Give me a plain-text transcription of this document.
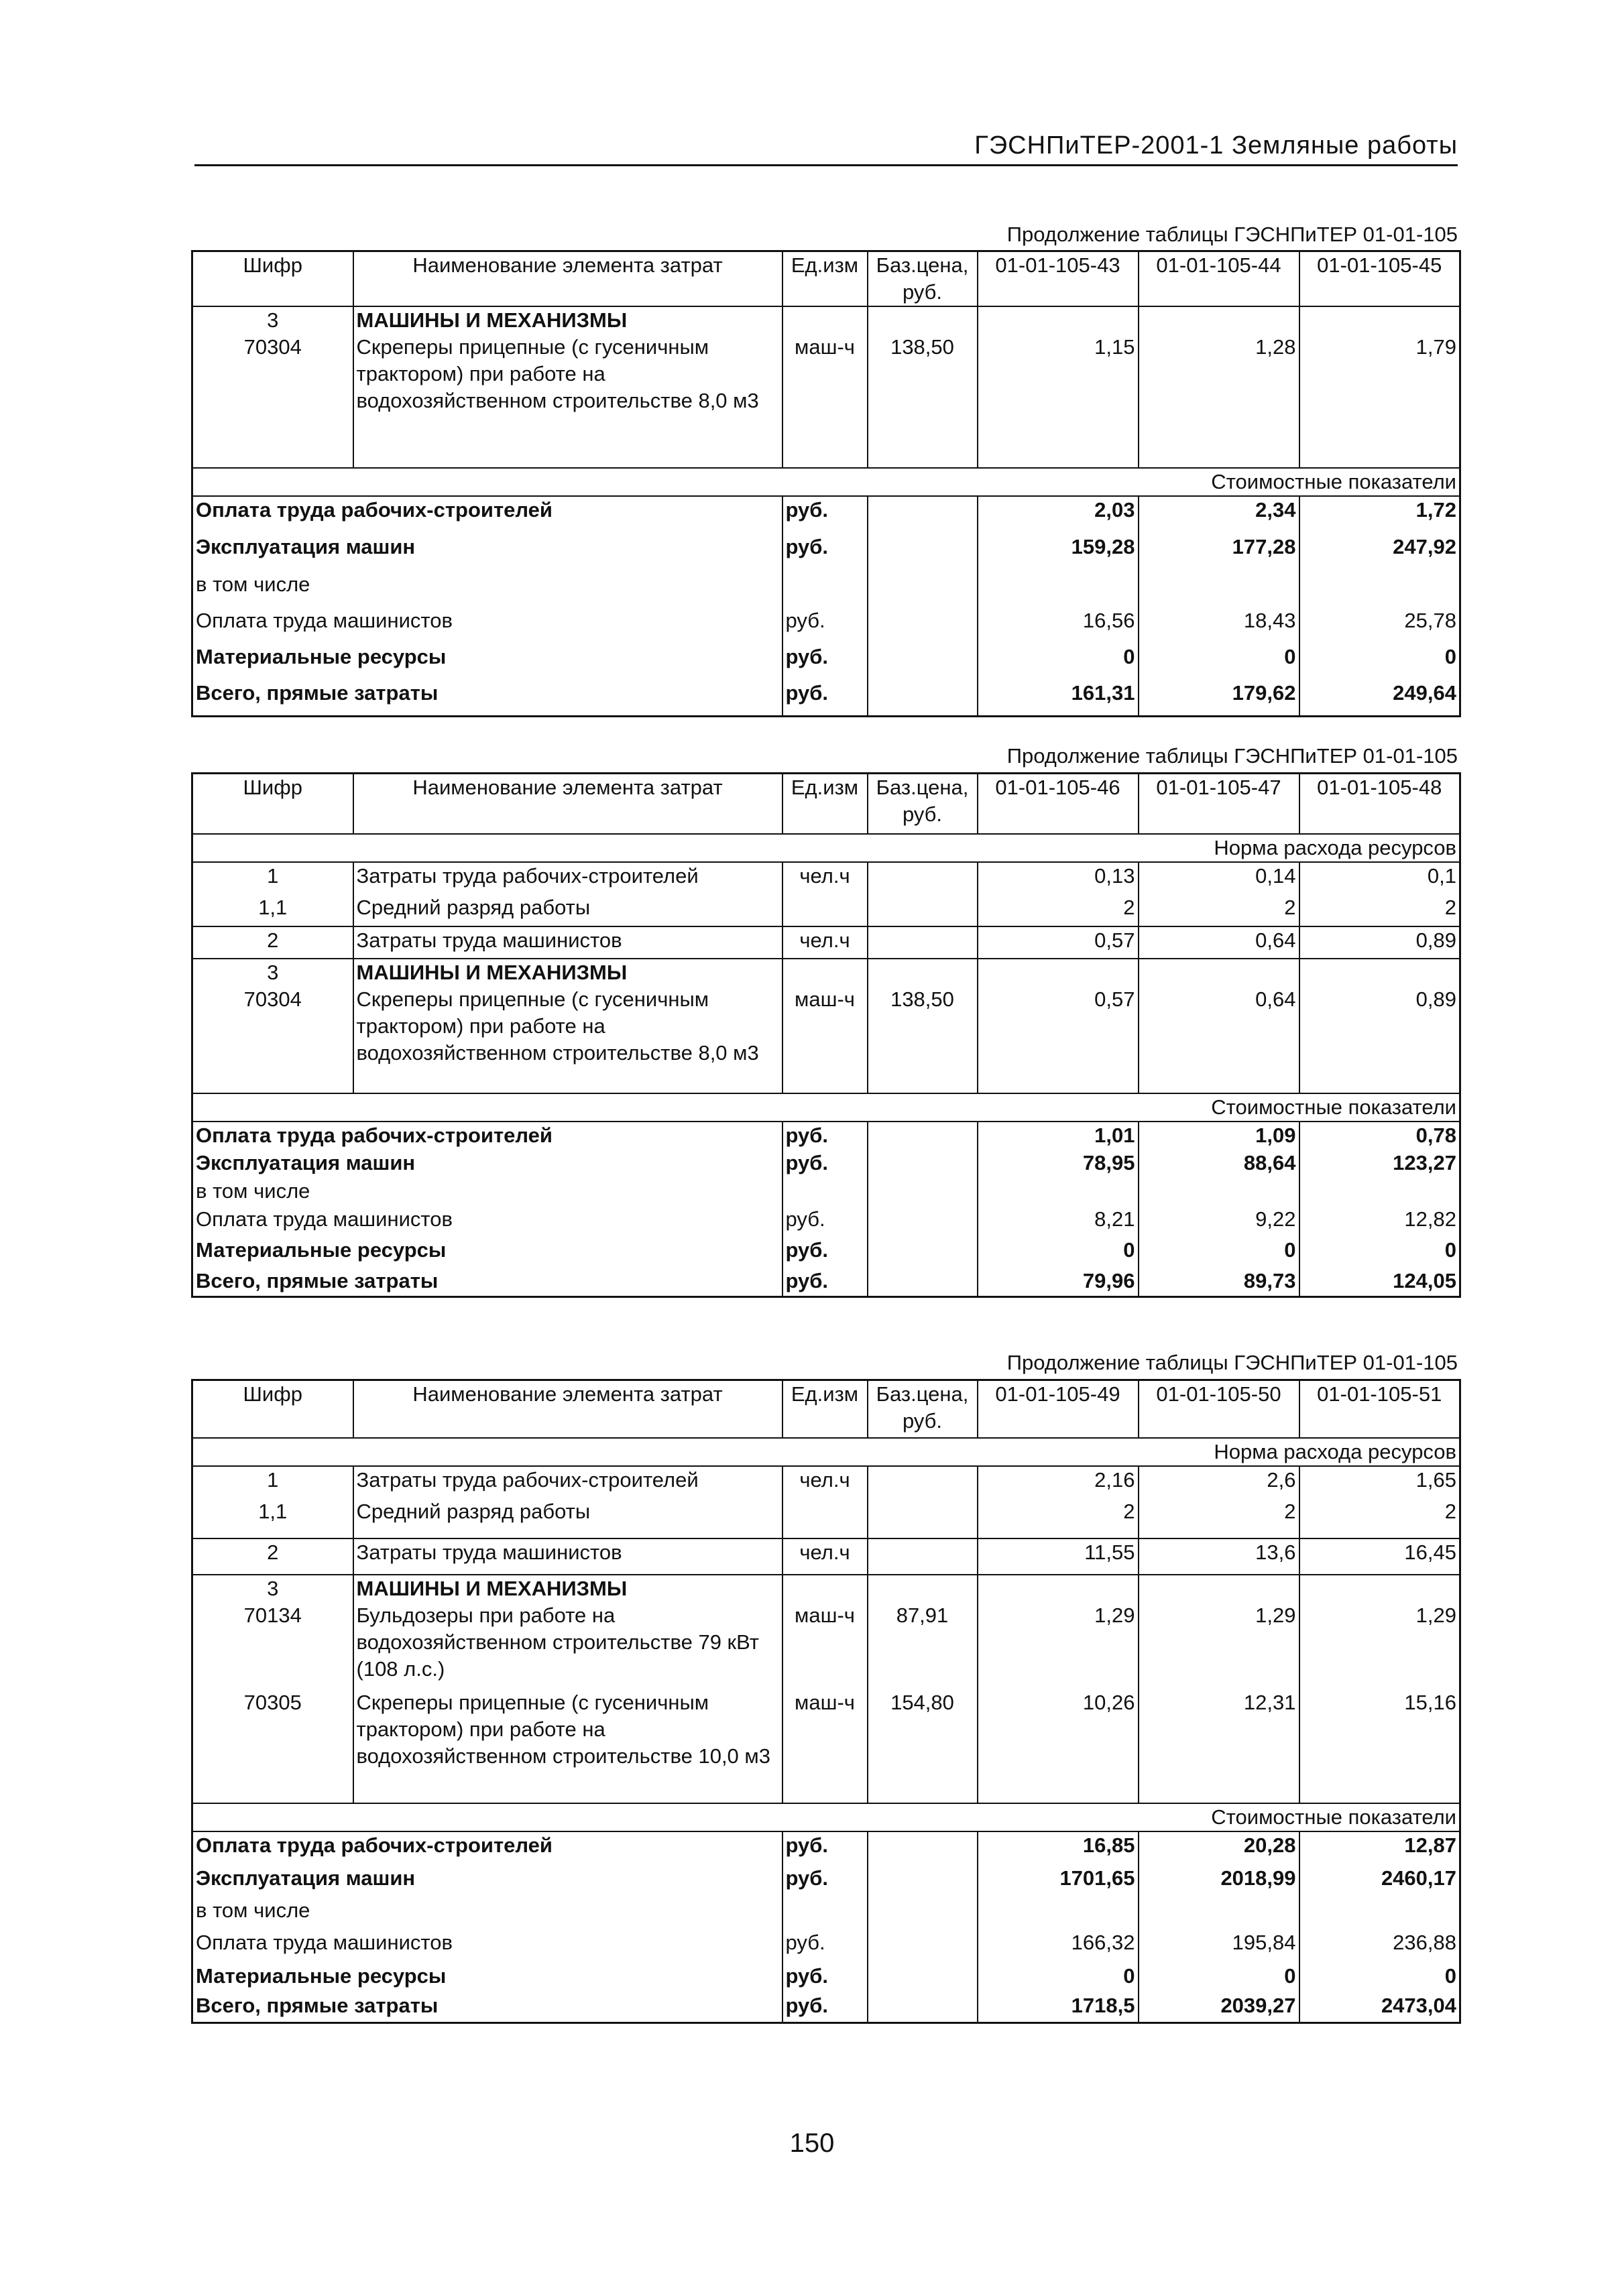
ГЭСНПиТЕР-2001-1 Земляные работы
Продолжение таблицы ГЭСНПиТЕР 01-01-105
Шифр	Наименование элемента затрат	Ед.изм	Баз.цена, руб.	01-01-105-43	01-01-105-44	01-01-105-45
3	МАШИНЫ И МЕХАНИЗМЫ					
70304	Скреперы прицепные (с гусеничным трактором) при работе на водохозяйственном строительстве 8,0 м3	маш-ч	138,50	1,15	1,28	1,79
Стоимостные показатели						
Оплата труда рабочих-строителей		руб.		2,03	2,34	1,72
Эксплуатация машин		руб.		159,28	177,28	247,92
в том числе						
Оплата труда машинистов		руб.		16,56	18,43	25,78
Материальные ресурсы		руб.		0	0	0
Всего, прямые затраты		руб.		161,31	179,62	249,64
Продолжение таблицы ГЭСНПиТЕР 01-01-105
Шифр	Наименование элемента затрат	Ед.изм	Баз.цена, руб.	01-01-105-46	01-01-105-47	01-01-105-48
Норма расхода ресурсов						
1	Затраты труда рабочих-строителей	чел.ч		0,13	0,14	0,1
1,1	Средний разряд работы			2	2	2
2	Затраты труда машинистов	чел.ч		0,57	0,64	0,89
3	МАШИНЫ И МЕХАНИЗМЫ					
70304	Скреперы прицепные (с гусеничным трактором) при работе на водохозяйственном строительстве 8,0 м3	маш-ч	138,50	0,57	0,64	0,89
Стоимостные показатели						
Оплата труда рабочих-строителей		руб.		1,01	1,09	0,78
Эксплуатация машин		руб.		78,95	88,64	123,27
в том числе						
Оплата труда машинистов		руб.		8,21	9,22	12,82
Материальные ресурсы		руб.		0	0	0
Всего, прямые затраты		руб.		79,96	89,73	124,05
Продолжение таблицы ГЭСНПиТЕР 01-01-105
Шифр	Наименование элемента затрат	Ед.изм	Баз.цена, руб.	01-01-105-49	01-01-105-50	01-01-105-51
Норма расхода ресурсов						
1	Затраты труда рабочих-строителей	чел.ч		2,16	2,6	1,65
1,1	Средний разряд работы			2	2	2
2	Затраты труда машинистов	чел.ч		11,55	13,6	16,45
3	МАШИНЫ И МЕХАНИЗМЫ					
70134	Бульдозеры при работе на водохозяйственном строительстве 79 кВт (108 л.с.)	маш-ч	87,91	1,29	1,29	1,29
70305	Скреперы прицепные (с гусеничным трактором) при работе на водохозяйственном строительстве 10,0 м3	маш-ч	154,80	10,26	12,31	15,16
Стоимостные показатели						
Оплата труда рабочих-строителей		руб.		16,85	20,28	12,87
Эксплуатация машин		руб.		1701,65	2018,99	2460,17
в том числе						
Оплата труда машинистов		руб.		166,32	195,84	236,88
Материальные ресурсы		руб.		0	0	0
Всего, прямые затраты		руб.		1718,5	2039,27	2473,04
150
